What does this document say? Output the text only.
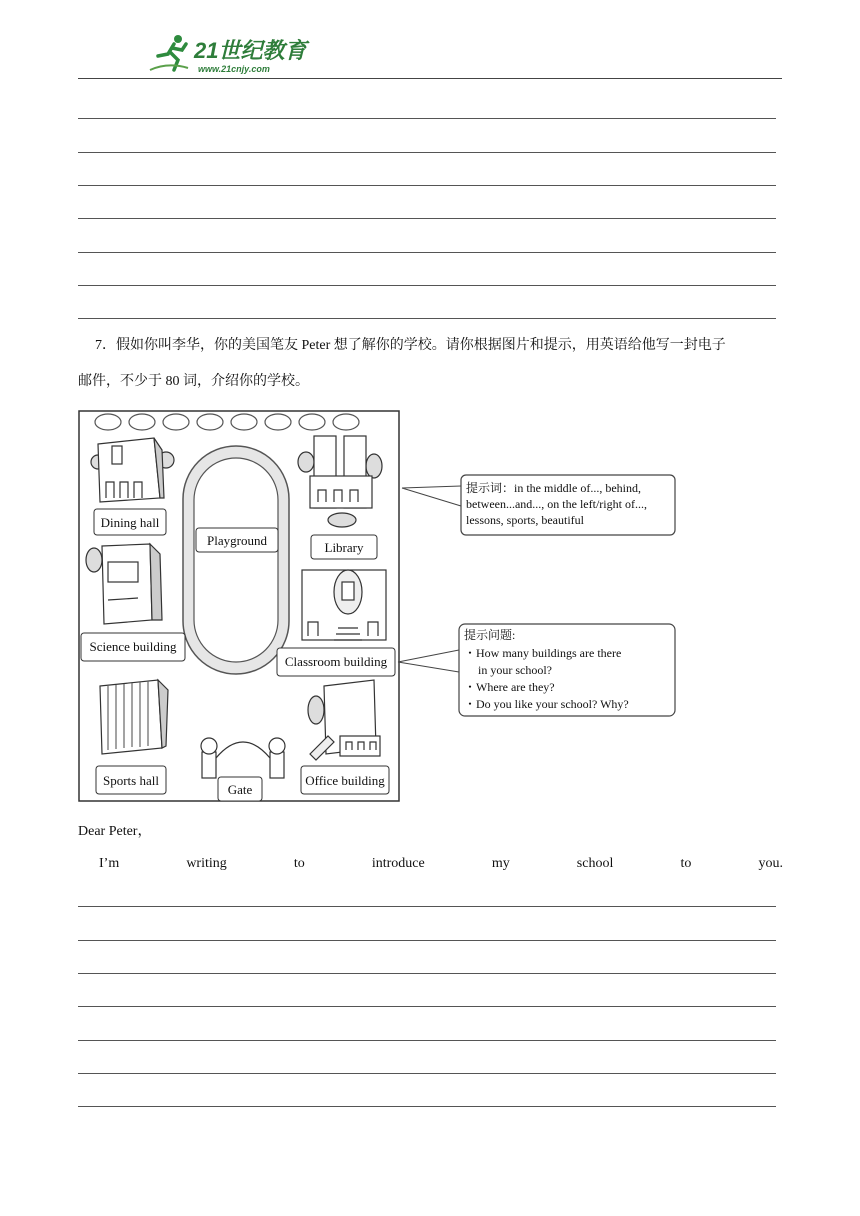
21世纪教育
www.21cnjy.com
7．假如你叫李华，你的美国笔友 Peter 想了解你的学校。请你根据图片和提示，用英语给他写一封电子
邮件，不少于 80 词，介绍你的学校。
Dining hall
Playground	Library
Science building
Classroom building
Sports hall
Gate
Office building
提示词：in the middle of..., behind,
between...and..., on the left/right of...,
lessons, sports, beautiful
提示问题:
・How many buildings are there
in your school?
・Where are they?
・Do you like your school? Why?
Dear Peter，
I’m	writing	to	introduce	my	school	to	you.
